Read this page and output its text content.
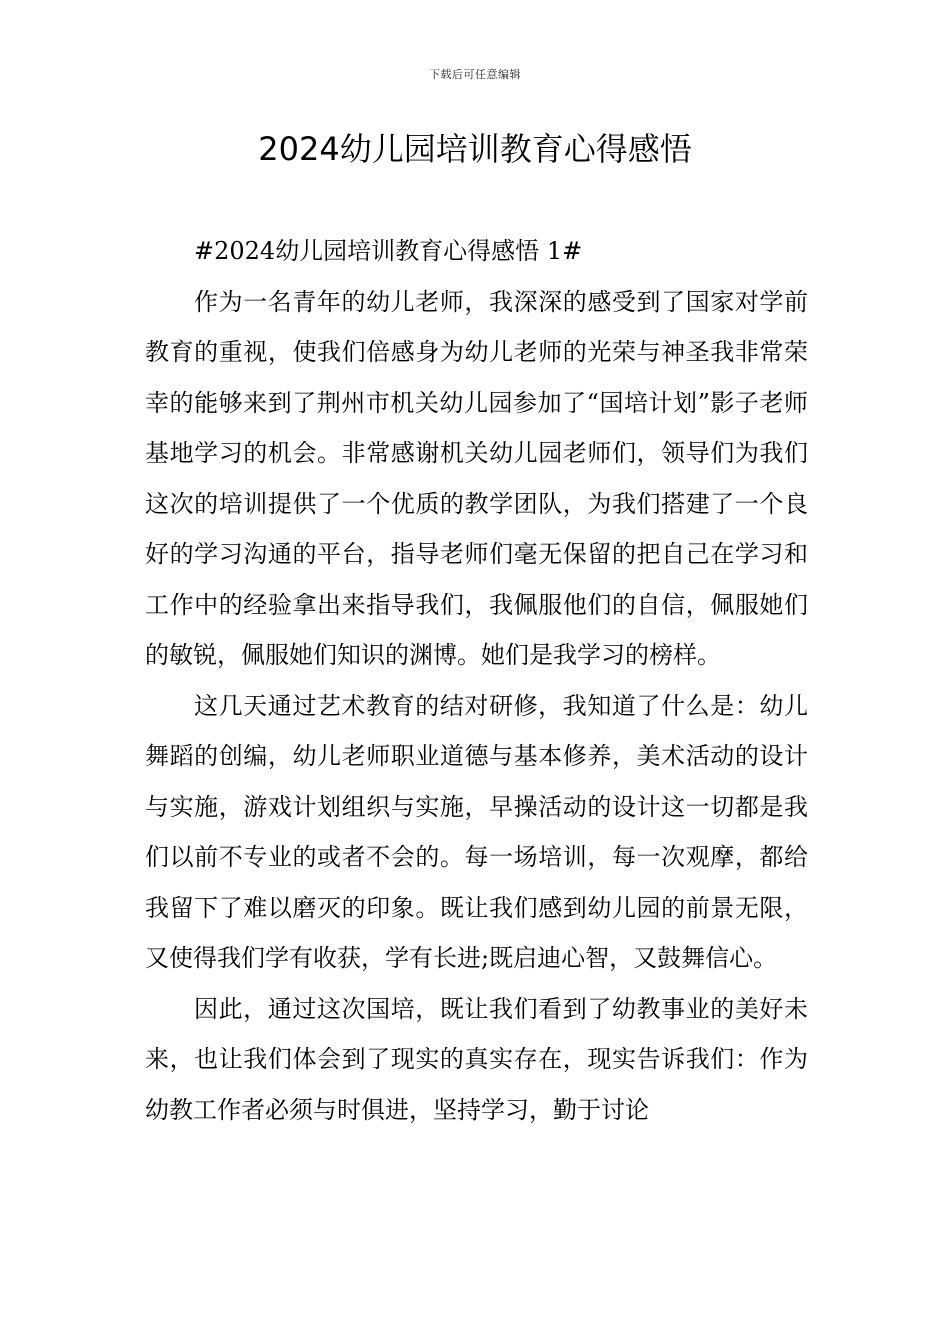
下载后可任意编辑
2024幼儿园培训教育心得感悟
#2024幼儿园培训教育心得感悟 1#

作为一名青年的幼儿老师，我深深的感受到了国家对学前教育的重视，使我们倍感身为幼儿老师的光荣与神圣我非常荣幸的能够来到了荆州市机关幼儿园参加了“国培计划”影子老师基地学习的机会。非常感谢机关幼儿园老师们，领导们为我们这次的培训提供了一个优质的教学团队，为我们搭建了一个良好的学习沟通的平台，指导老师们毫无保留的把自己在学习和工作中的经验拿出来指导我们，我佩服他们的自信，佩服她们的敏锐，佩服她们知识的渊博。她们是我学习的榜样。

这几天通过艺术教育的结对研修，我知道了什么是：幼儿舞蹈的创编，幼儿老师职业道德与基本修养，美术活动的设计与实施，游戏计划组织与实施，早操活动的设计这一切都是我们以前不专业的或者不会的。每一场培训，每一次观摩，都给我留下了难以磨灭的印象。既让我们感到幼儿园的前景无限，又使得我们学有收获，学有长进;既启迪心智，又鼓舞信心。

因此，通过这次国培，既让我们看到了幼教事业的美好未来，也让我们体会到了现实的真实存在，现实告诉我们：作为幼教工作者必须与时俱进，坚持学习，勤于讨论
